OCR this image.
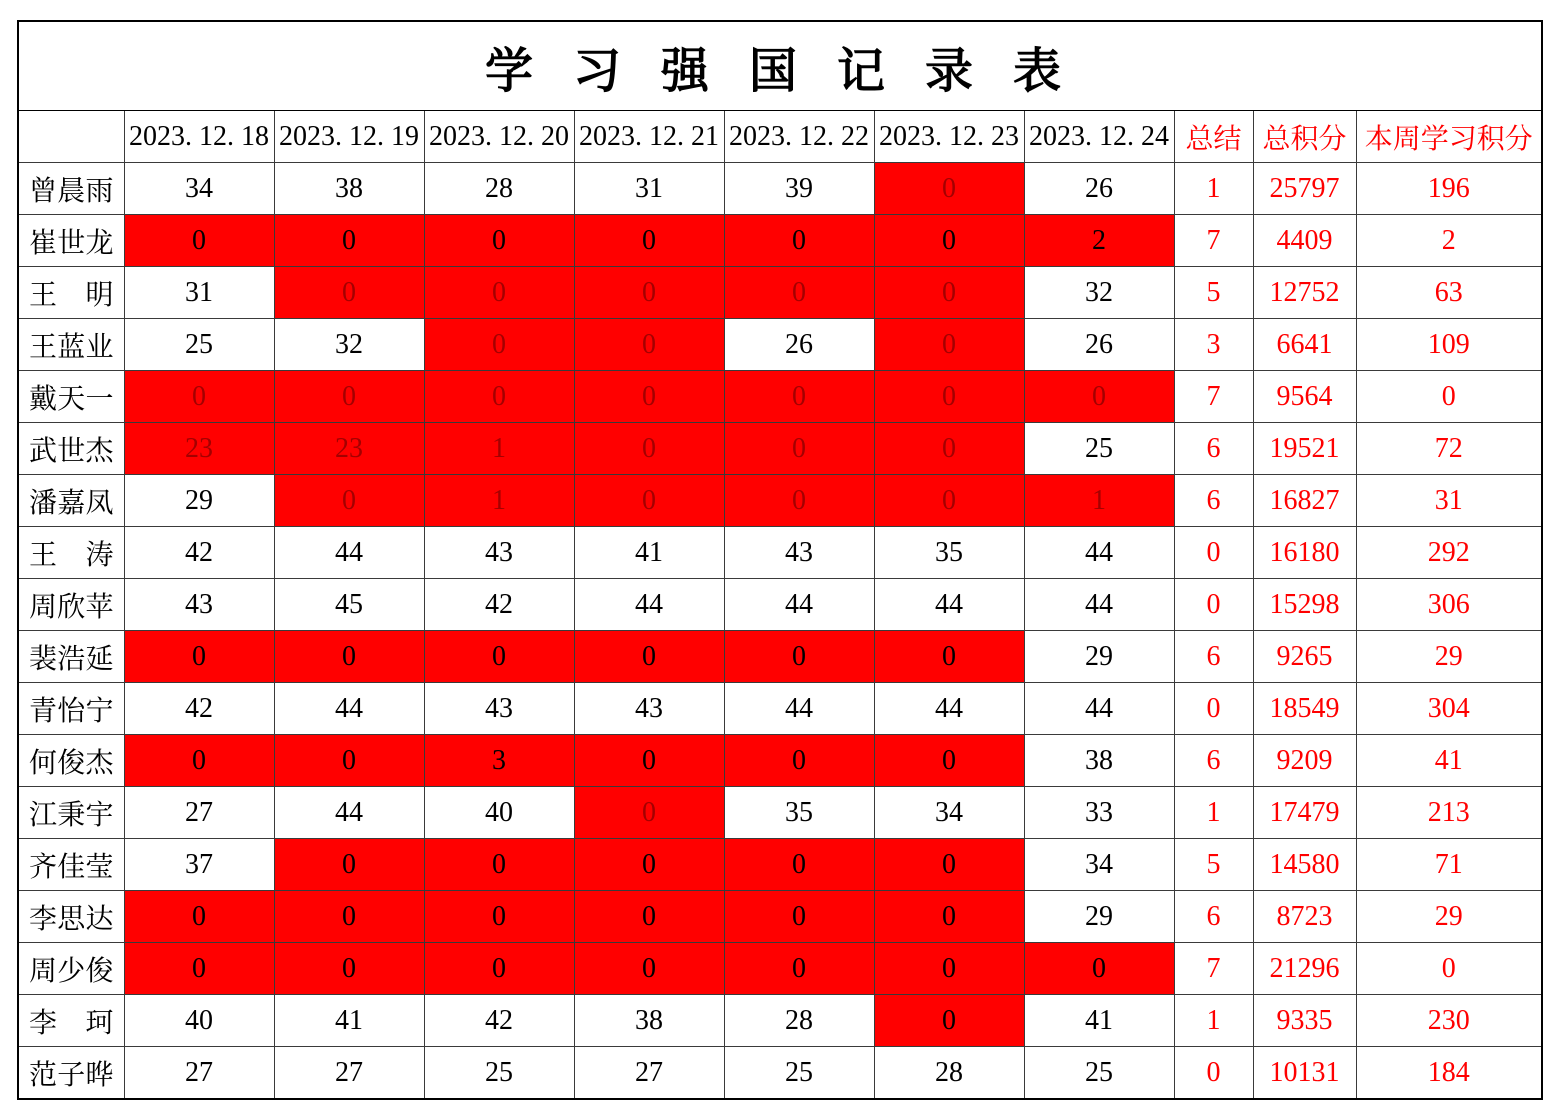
学 习 强 国 记 录 表										
	2023. 12. 18	2023. 12. 19	2023. 12. 20	2023. 12. 21	2023. 12. 22	2023. 12. 23	2023. 12. 24	总结	总积分	本周学习积分
曾晨雨	34	38	28	31	39	0	26	1	25797	196
崔世龙	0	0	0	0	0	0	2	7	4409	2
王明	31	0	0	0	0	0	32	5	12752	63
王蓝业	25	32	0	0	26	0	26	3	6641	109
戴天一	0	0	0	0	0	0	0	7	9564	0
武世杰	23	23	1	0	0	0	25	6	19521	72
潘嘉凤	29	0	1	0	0	0	1	6	16827	31
王涛	42	44	43	41	43	35	44	0	16180	292
周欣苹	43	45	42	44	44	44	44	0	15298	306
裴浩延	0	0	0	0	0	0	29	6	9265	29
青怡宁	42	44	43	43	44	44	44	0	18549	304
何俊杰	0	0	3	0	0	0	38	6	9209	41
江秉宇	27	44	40	0	35	34	33	1	17479	213
齐佳莹	37	0	0	0	0	0	34	5	14580	71
李思达	0	0	0	0	0	0	29	6	8723	29
周少俊	0	0	0	0	0	0	0	7	21296	0
李珂	40	41	42	38	28	0	41	1	9335	230
范子晔	27	27	25	27	25	28	25	0	10131	184
